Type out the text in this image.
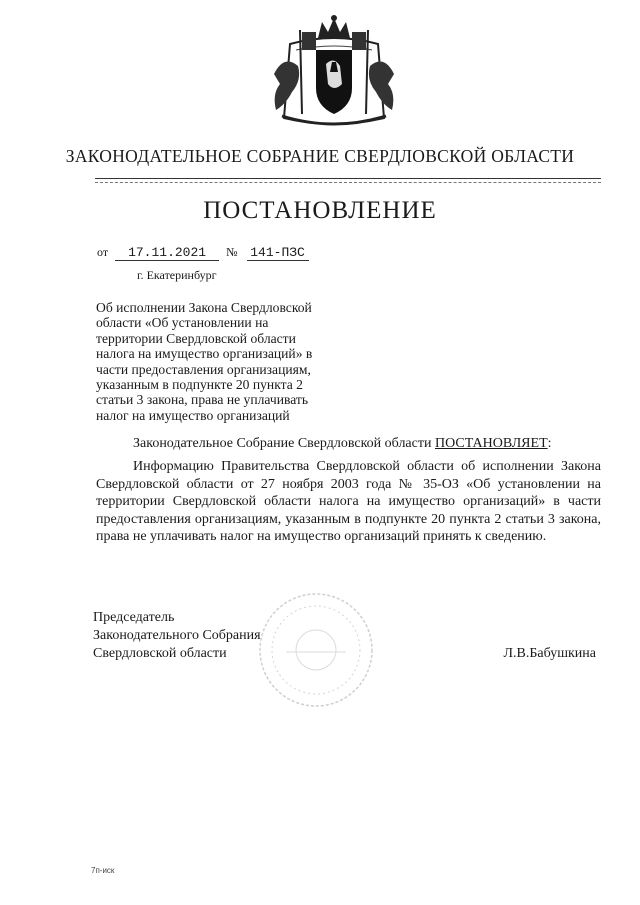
ЗАКОНОДАТЕЛЬНОЕ СОБРАНИЕ СВЕРДЛОВСКОЙ ОБЛАСТИ
ПОСТАНОВЛЕНИЕ
от 17.11.2021 № 141-ПЗС
г. Екатеринбург
Об исполнении Закона Свердловской
области «Об установлении на
территории Свердловской области
налога на имущество организаций» в
части предоставления организациям,
указанным в подпункте 20 пункта 2
статьи 3 закона, права не уплачивать
налог на имущество организаций
Законодательное Собрание Свердловской области ПОСТАНОВЛЯЕТ:

Информацию Правительства Свердловской области об исполнении Закона Свердловской области от 27 ноября 2003 года № 35-ОЗ «Об установлении на территории Свердловской области налога на имущество организаций» в части предоставления организациям, указанным в подпункте 20 пункта 2 статьи 3 закона, права не уплачивать налог на имущество организаций принять к сведению.

Председатель
Законодательного Собрания
Свердловской области	Л.В.Бабушкина
7п-иск
